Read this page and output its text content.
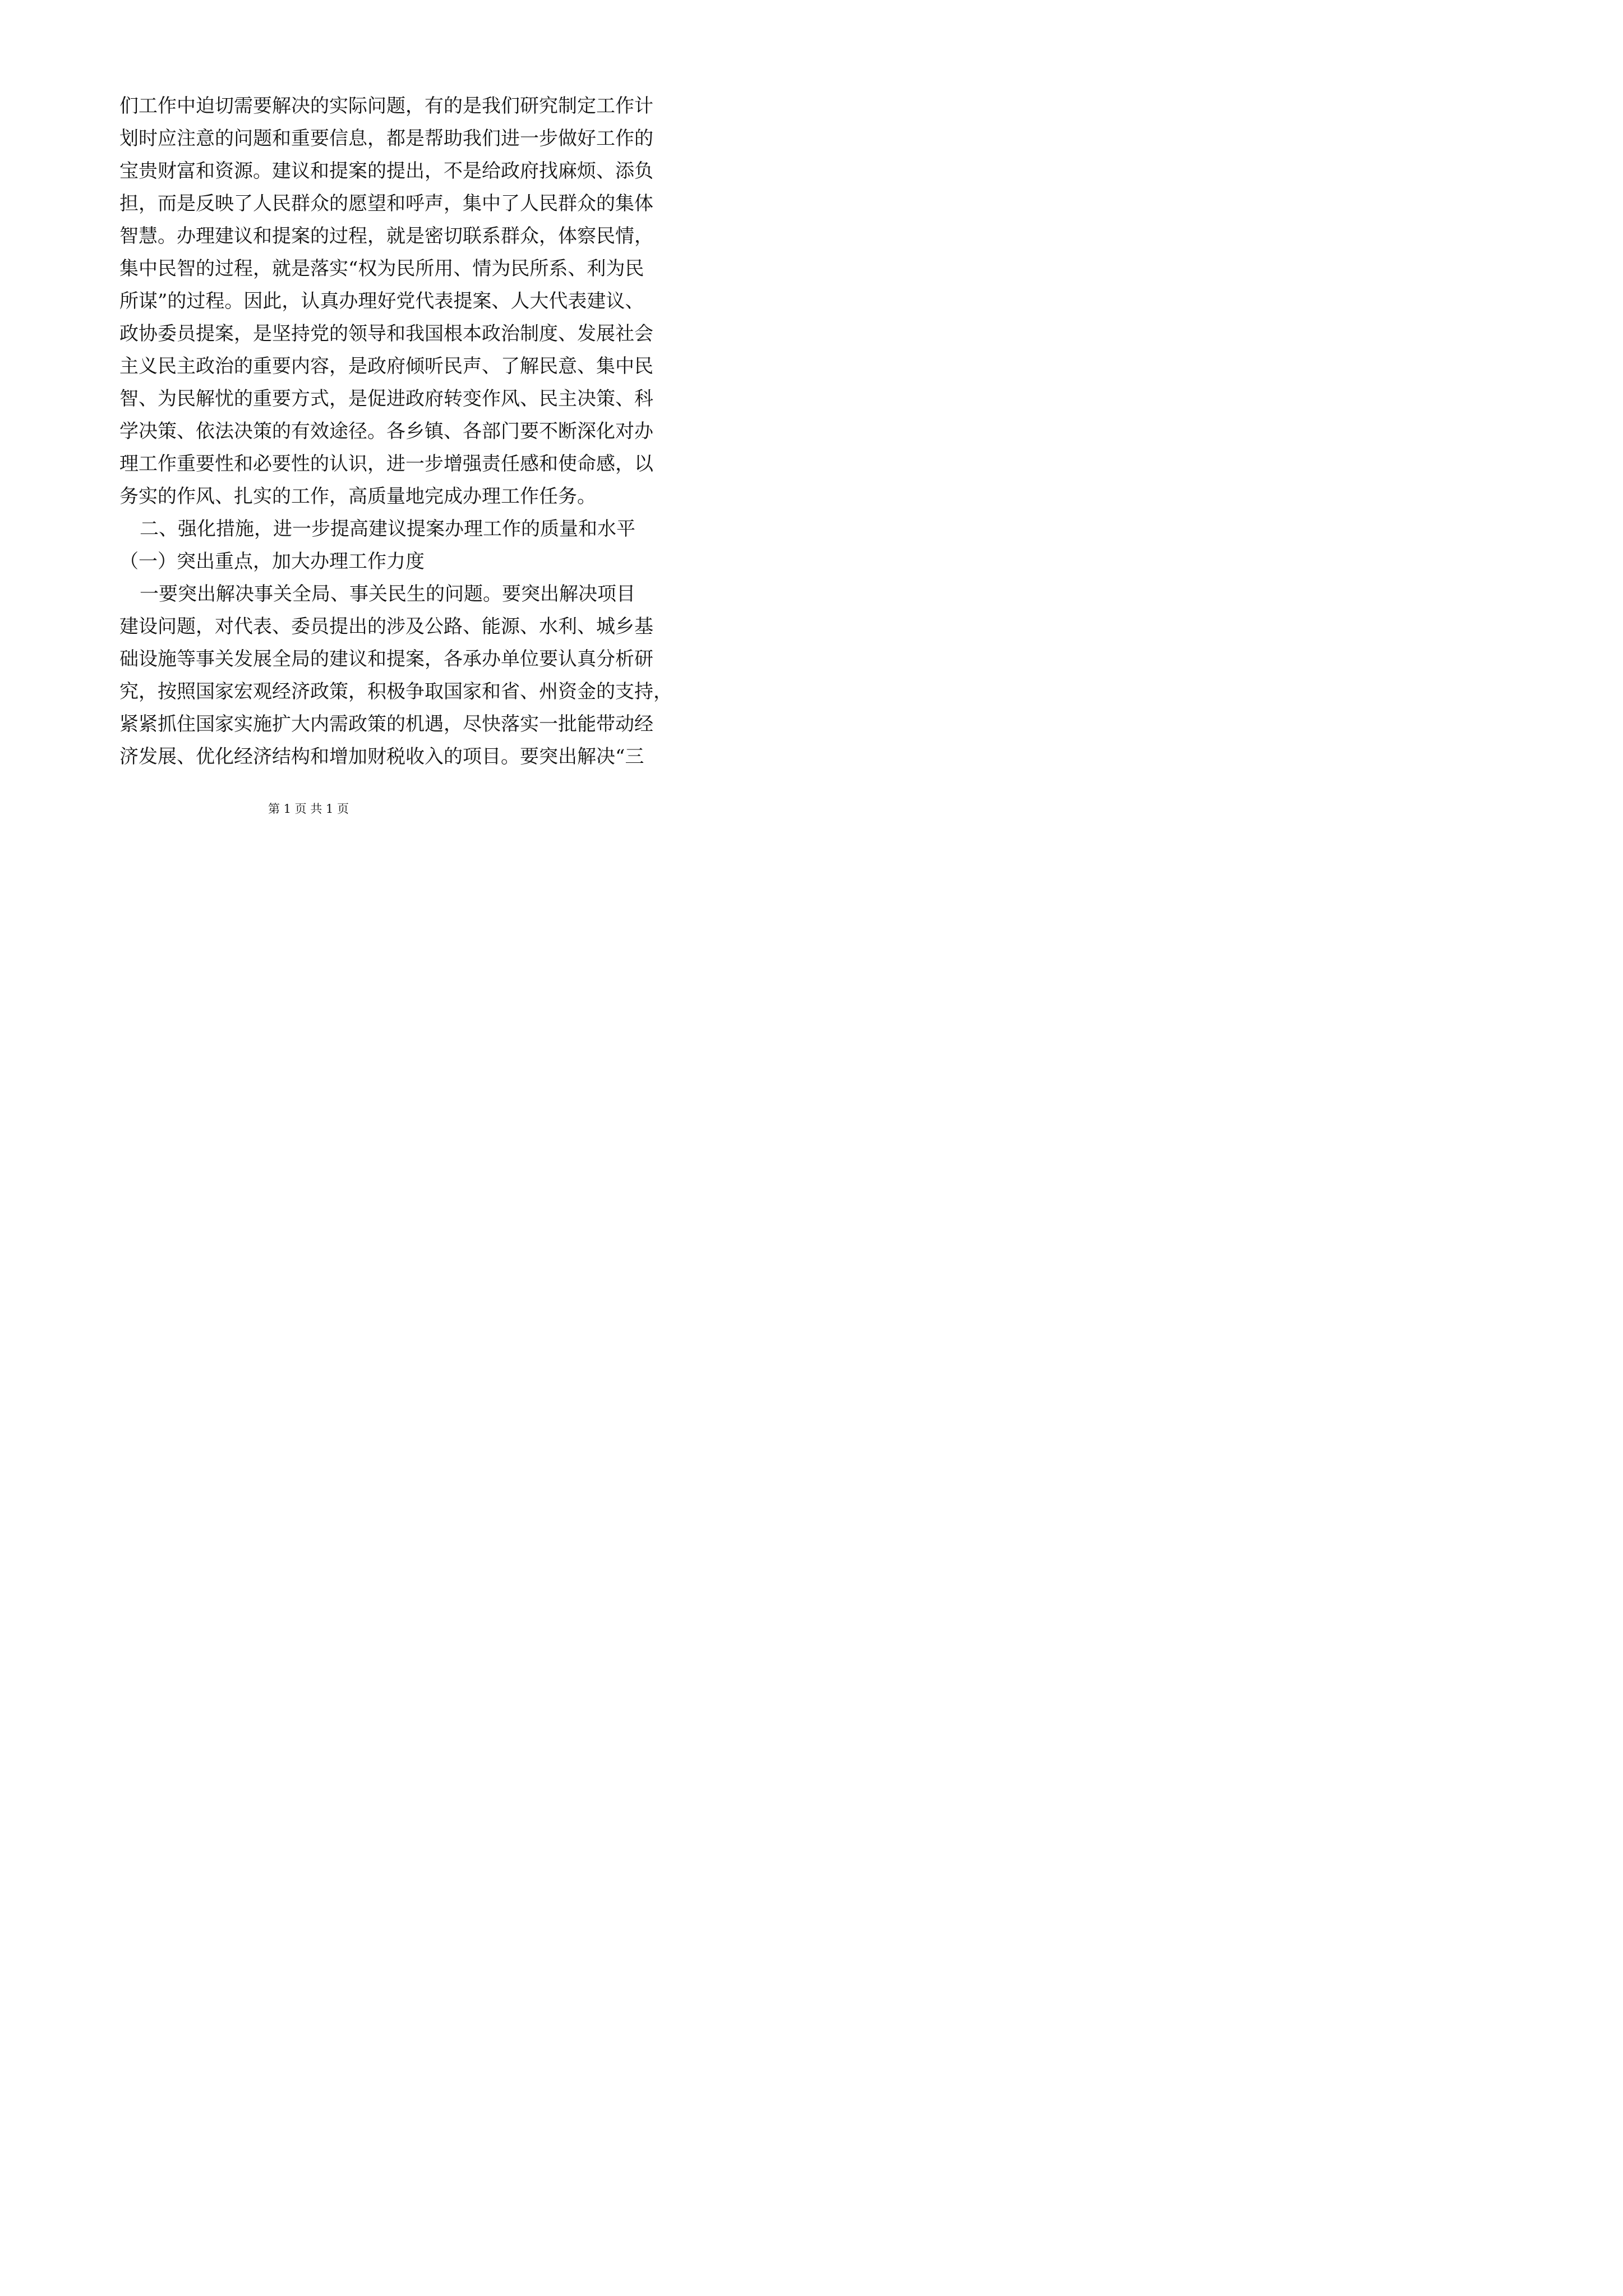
们工作中迫切需要解决的实际问题，有的是我们研究制定工作计
划时应注意的问题和重要信息，都是帮助我们进一步做好工作的
宝贵财富和资源。建议和提案的提出，不是给政府找麻烦、添负
担，而是反映了人民群众的愿望和呼声，集中了人民群众的集体
智慧。办理建议和提案的过程，就是密切联系群众，体察民情，
集中民智的过程，就是落实“权为民所用、情为民所系、利为民
所谋”的过程。因此，认真办理好党代表提案、人大代表建议、
政协委员提案，是坚持党的领导和我国根本政治制度、发展社会
主义民主政治的重要内容，是政府倾听民声、了解民意、集中民
智、为民解忧的重要方式，是促进政府转变作风、民主决策、科
学决策、依法决策的有效途径。各乡镇、各部门要不断深化对办
理工作重要性和必要性的认识，进一步增强责任感和使命感，以
务实的作风、扎实的工作，高质量地完成办理工作任务。
二、强化措施，进一步提高建议提案办理工作的质量和水平
（一）突出重点，加大办理工作力度
一要突出解决事关全局、事关民生的问题。要突出解决项目
建设问题，对代表、委员提出的涉及公路、能源、水利、城乡基
础设施等事关发展全局的建议和提案，各承办单位要认真分析研
究，按照国家宏观经济政策，积极争取国家和省、州资金的支持，
紧紧抓住国家实施扩大内需政策的机遇，尽快落实一批能带动经
济发展、优化经济结构和增加财税收入的项目。要突出解决“三
第 1 页 共 1 页
